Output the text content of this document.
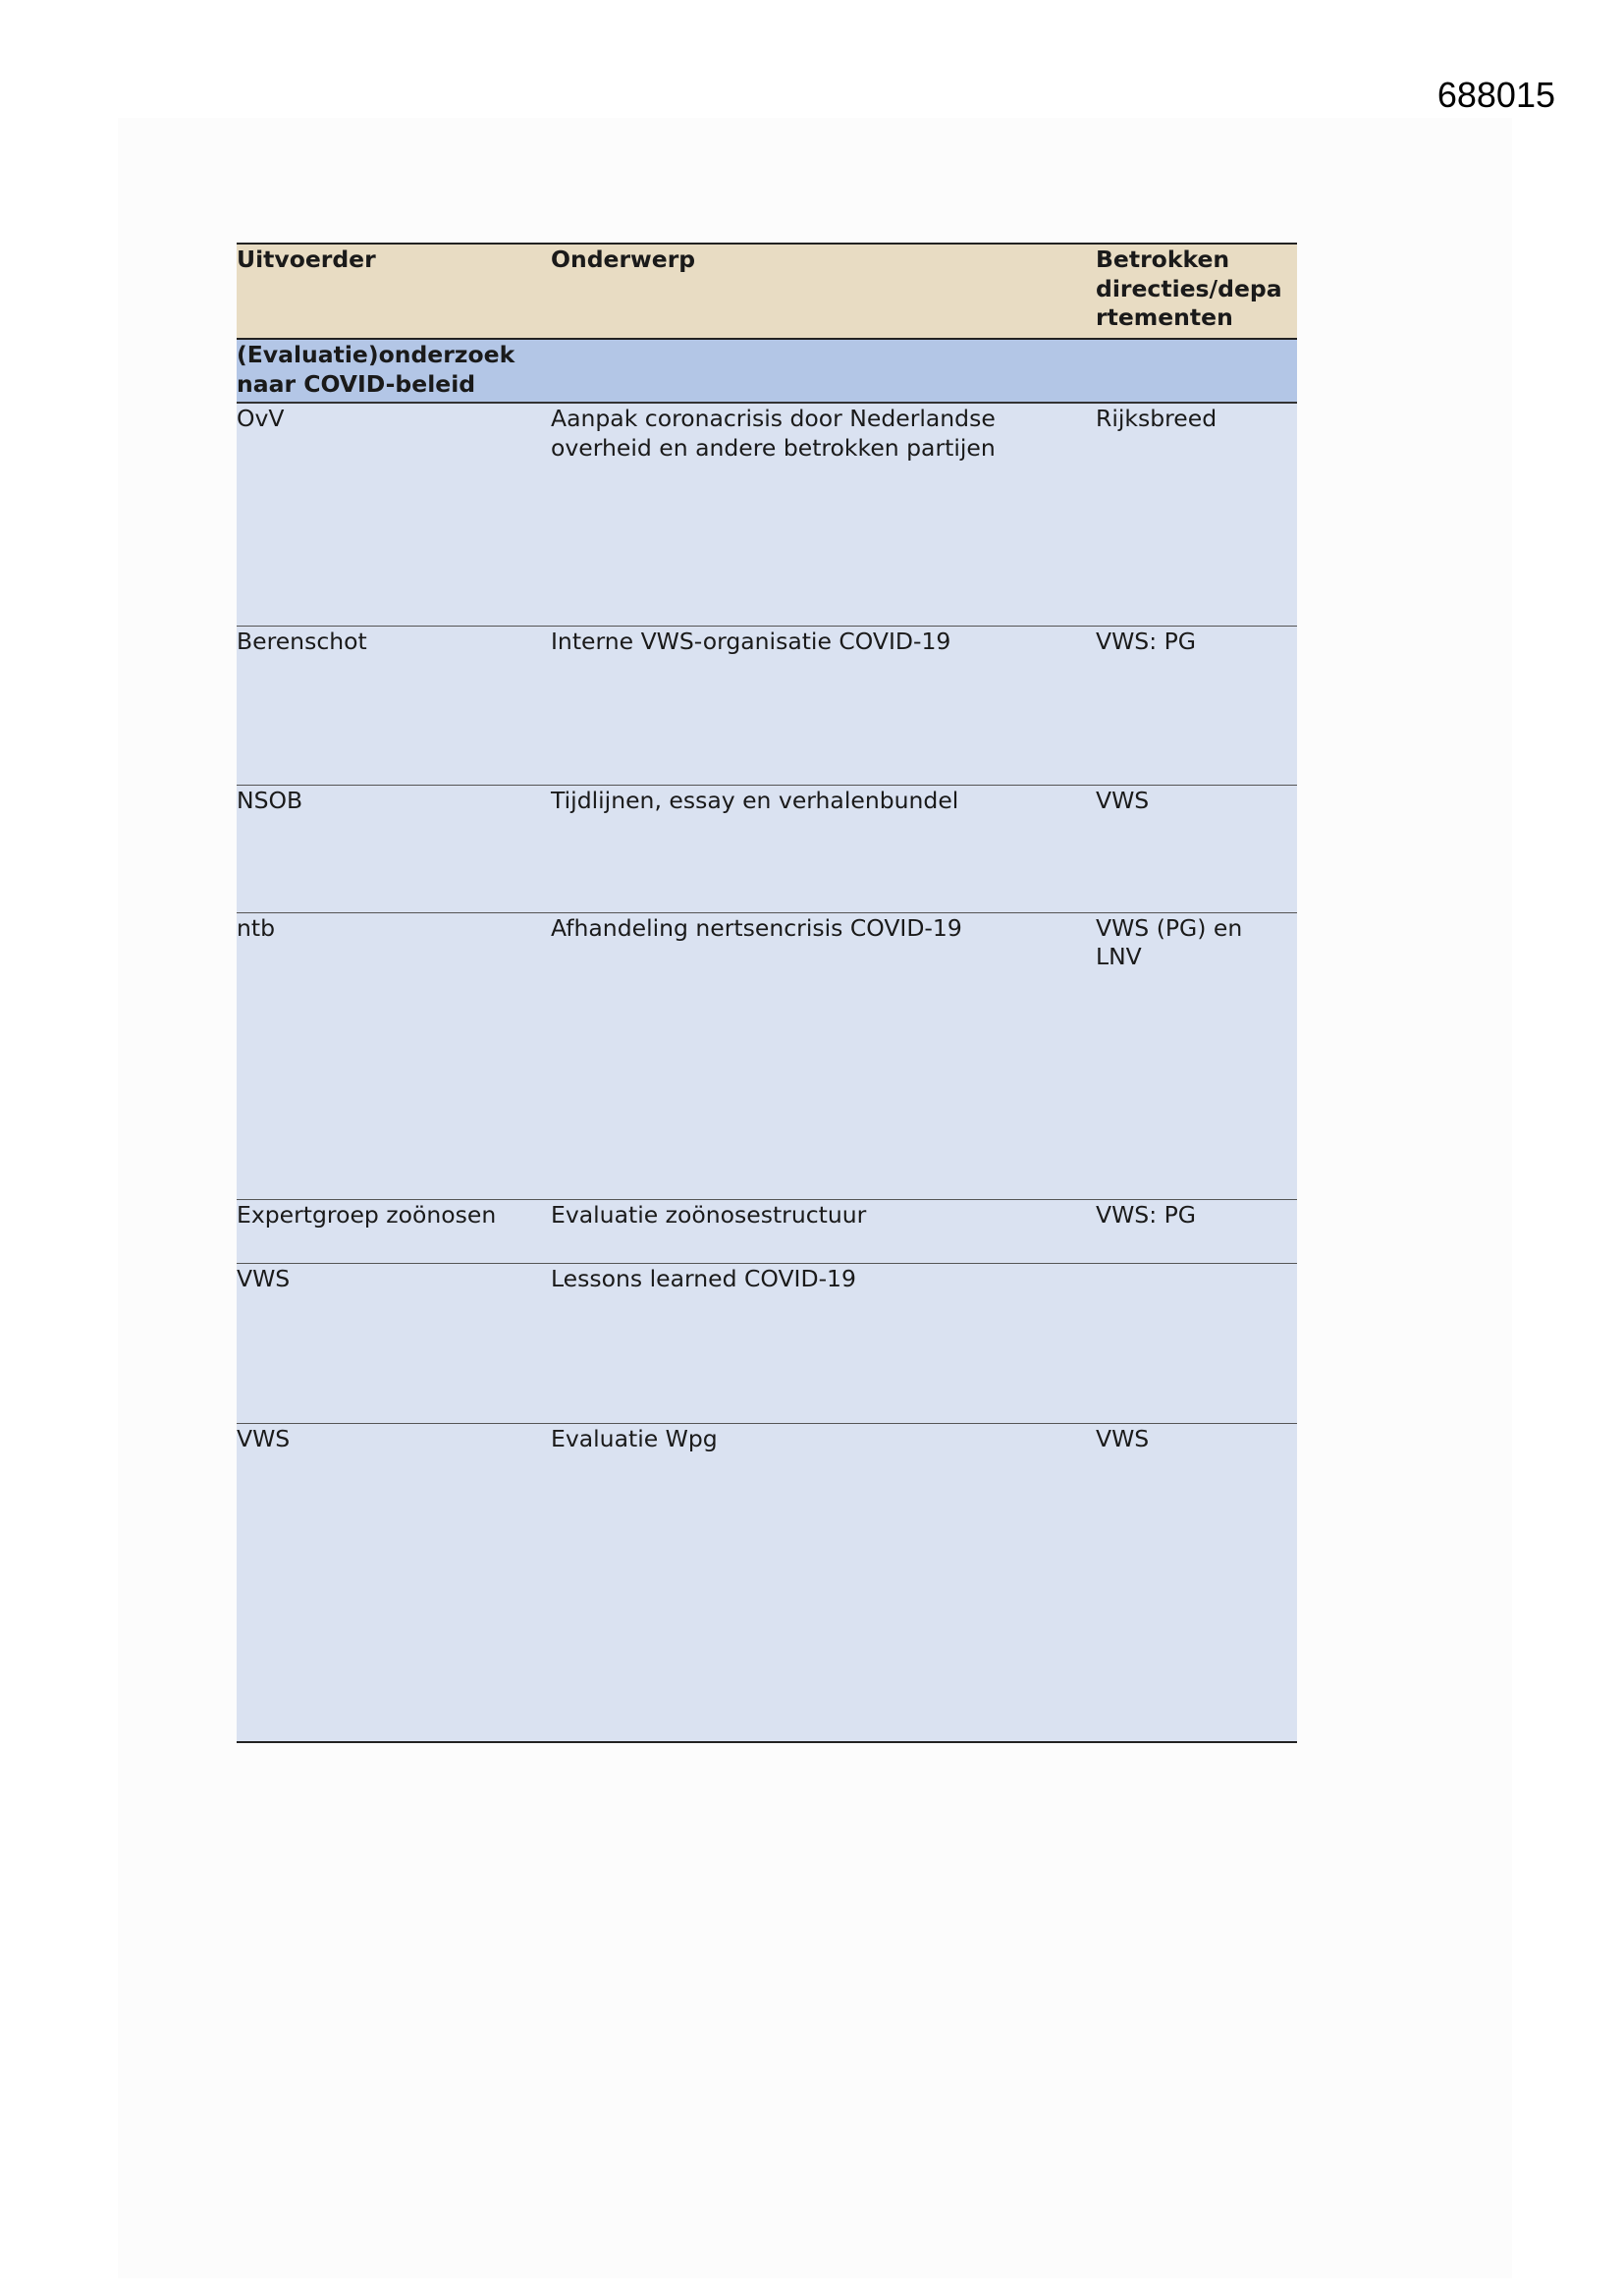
688015
Uitvoerder	Onderwerp	Betrokken directies/depa rtementen
(Evaluatie)onderzoek naar COVID-beleid		
OvV	Aanpak coronacrisis door Nederlandse overheid en andere betrokken partijen	Rijksbreed
Berenschot	Interne VWS-organisatie COVID-19	VWS: PG
NSOB	Tijdlijnen, essay en verhalenbundel	VWS
ntb	Afhandeling nertsencrisis COVID-19	VWS (PG) en LNV
Expertgroep zoönosen	Evaluatie zoönosestructuur	VWS: PG
VWS	Lessons learned COVID-19	
VWS	Evaluatie Wpg	VWS
